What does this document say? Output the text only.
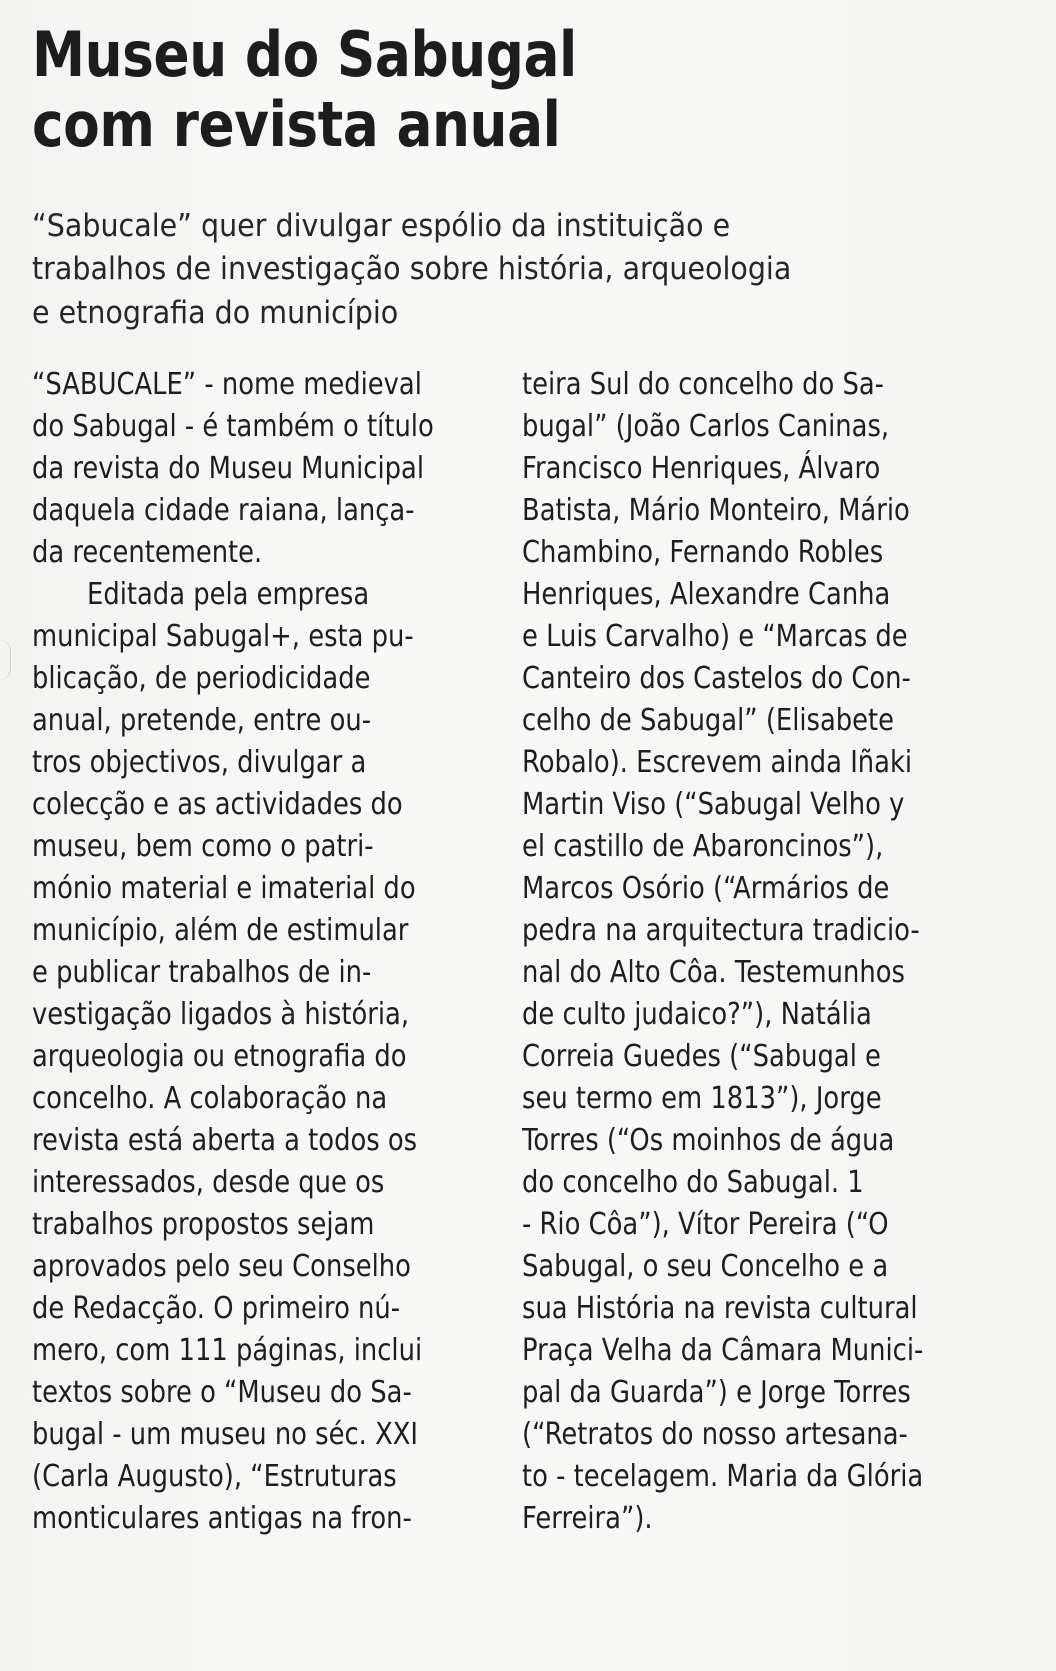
Museu do Sabugal
com revista anual

“Sabucale” quer divulgar espólio da instituição e
trabalhos de investigação sobre história, arqueologia
e etnografia do município

“SABUCALE” - nome medieval
do Sabugal - é também o título
da revista do Museu Municipal
daquela cidade raiana, lança-
da recentemente.
Editada pela empresa
municipal Sabugal+, esta pu-
blicação, de periodicidade
anual, pretende, entre ou-
tros objectivos, divulgar a
colecção e as actividades do
museu, bem como o patri-
mónio material e imaterial do
município, além de estimular
e publicar trabalhos de in-
vestigação ligados à história,
arqueologia ou etnografia do
concelho. A colaboração na
revista está aberta a todos os
interessados, desde que os
trabalhos propostos sejam
aprovados pelo seu Conselho
de Redacção. O primeiro nú-
mero, com 111 páginas, inclui
textos sobre o “Museu do Sa-
bugal - um museu no séc. XXI
(Carla Augusto), “Estruturas
monticulares antigas na fron-
teira Sul do concelho do Sa-
bugal” (João Carlos Caninas,
Francisco Henriques, Álvaro
Batista, Mário Monteiro, Mário
Chambino, Fernando Robles
Henriques, Alexandre Canha
e Luis Carvalho) e “Marcas de
Canteiro dos Castelos do Con-
celho de Sabugal” (Elisabete
Robalo). Escrevem ainda Iñaki
Martin Viso (“Sabugal Velho y
el castillo de Abaroncinos”),
Marcos Osório (“Armários de
pedra na arquitectura tradicio-
nal do Alto Côa. Testemunhos
de culto judaico?”), Natália
Correia Guedes (“Sabugal e
seu termo em 1813”), Jorge
Torres (“Os moinhos de água
do concelho do Sabugal. 1
- Rio Côa”), Vítor Pereira (“O
Sabugal, o seu Concelho e a
sua História na revista cultural
Praça Velha da Câmara Munici-
pal da Guarda”) e Jorge Torres
(“Retratos do nosso artesana-
to - tecelagem. Maria da Glória
Ferreira”).
